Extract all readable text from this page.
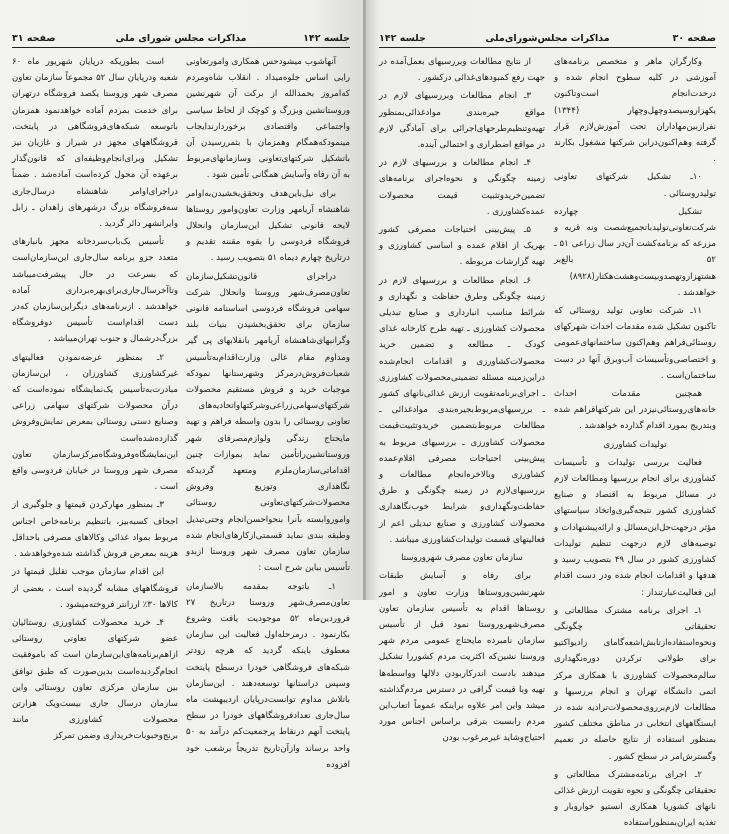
جلسه ۱۴۲
مذاکرات مجلس شورای ملی
صفحه ۳۱

آنهاشوب میشودحس همکاری وامورتعاونی رایی اساس جلوه‌میداد . انقلاب شاه‌ومردم که‌امروز بحمدالله از برکت آن شهرنشین وروستانشین وبزرگ و کوچک از لحاظ سیاسی واجتماعی واقتصادی برخوردارندایجاب مینمودکه‌همگام وهمزمان با بثمررسیدن آن باتشکیل شرکتهای‌تعاونی وسازمانهای‌مربوط به آن رفاه وآسایش همگانی تأمین شود .

برای نیل‌باین‌هدف وتحقق‌بخشیدن‌به‌اوامر شاهنشاه آریامهر وزارت تعاون‌وامور روستاها لایحه قانونی تشکیل این‌سازمان وانحلال فروشگاه فردوسی را بقوه مقننه تقدیم و درتاریخ چهارم دیماه ۵۱ بتصویب رسید .

دراجرای قانون‌تشکیل‌سازمان تعاون‌مصرف‌شهر وروستا وانحلال شرکت سهامی فروشگاه فردوسی اساسنامه قانونی سازمان برای تحقق‌بخشیدن بنیات بلند وگرانبهای‌شاهنشاه آریامهر بانقلابهای پی گیر ومداوم مقام عالی وزارت‌اقدام‌به‌تأسیس شعبات‌فروش‌درمرکز وشهرستانها نمودکه موجبات خرید و فروش مستقیم محصولات شرکتهای‌سهامی‌زراعی‌وشرکتها‌واتحادیه‌های تعاونی روستائی را بدون واسطه فراهم و تهیه مایحتاج زندگی ولوازم‌مصرفای شهر وروستانشین‌راتأمین نماید بموازات چنین اقداماتی‌سازمان‌ملزم ومتعهد گردیدکه نگاهداری وتوزیع وفروش محصولات‌شرکتهای‌تعاونی روستائی وامورو‌ابسته بآنرا بنحواحسن‌انجام وحتی‌تبدیل وطبقه بندی نماید قسمتی‌ازکارهای‌انجام شده سازمان تعاون مصرف شهر وروستا ازبدو تأسیس بباین شرح است :

۱ـ باتوجه بمقدمه بالاسازمان تعاون‌مصرف‌شهر وروستا درتاریخ ۲۷ فروردین‌ماه ۵۲ موجودیت یافت وشروع بکارنمود . درمرحله‌اول فعالیت این سازمان معطوف باینکه گردید که هرچه زودتر شبکه‌های فروشگاهی خودرا درسطح پایتخت وسپس دراستانها توسعه‌دهند . این‌سازمان باتلاش مداوم توانست‌درپایان اردیبهشت ماه سال‌جاری تعدادفروشگاههای خودرا در سطح پایتخت آنهم درنقاط پرجمعیت‌کم درآمد به ۵۰ واحد برساند وازآن‌تاریخ تدریجاً برشعب خود افزوده

است بطوریکه درپایان شهریور ماه ۶۰ شعبه ودرپایان سال ۵۲ مجموعاً سازمان تعاون مصرف شهر وروستا یکصد فروشگاه درتهران برای خدمت بمردم آماده خواهدنمود همزمان باتوسعه شبکه‌های‌فروشگاهی در پایتخت، فروشگاههای مجهز در شیراز و غازیان نیز تشکیل وبرای‌انجام‌وظیفه‌ای که قانون‌گذار برعهده آن محول کرده‌است آماده‌شد . ضمناً دراجرای‌اوامر شاهنشاه درسال‌جاری سه‌فروشگاه بزرگ درشهرهای زاهدان ـ زابل وایرانشهر دائر گردید .

تأسیس یک‌باب‌سردخانه مجهز بانبارهای متعدد جزو برنامه سال‌جاری این‌سازمان‌است که بسرعت در حال پیشرفت‌میباشد وتاآخرسال‌جاری‌برای‌بهره‌برداری آماده خواهدشد . ازبرنامه‌های دیگراین‌سازمان که‌در دست اقدام‌است تأسیس دوفروشگاه بزرگ‌درشمال و جنوب تهران‌میباشد .

۲ـ بمنظور عرضه‌نمودن فعالیتهای غیرکشاورزی کشاورزان ، این‌سازمان مبادرت‌به‌تأسیس یک‌نمایشگاه نموده‌است که درآن محصولات شرکتهای سهامی زراعی وصنایع دستی روستائی بمعرض نمایش‌وفروش گذارده‌شده‌است این‌نمایشگاه‌وفروشگاه‌مرکزسازمان تعاون مصرف شهر وروستا در خیابان فردوسی واقع است .

۳ـ بمنظور مهارکردن قیمتها و جلوگیری از اجحاف کسبه‌بیز، باتنظیم برنامه‌خاص اجناس مربوط بمواد غذائی وکالاهای مصرفی باحداقل هزینه بمعرض فروش گذاشته شده‌وخواهدشد .

این اقدام سازمان موجب تقلیل قیمتها در فروشگاههای مشابه گردیده است ، بعضی از کالاها ۳۰٪ ارزانتر فروخته‌میشود .

۴ـ خرید محصولات کشاورزی روستائیان عضو شرکتهای تعاونی روستائی ازاهم‌برنامه‌های‌این‌سازمان است که باموفقیت انجام‌گردیده‌است بدین‌صورت که طبق توافق بین سازمان مرکزی تعاون روستائی واین سازمان درسال جاری بیست‌ویک هزارتن محصولات کشاورزی مانند برنج‌وحبوبات‌خریداری وضمن تمرکز

صفحه ۳۰
مذاکرات مجلس‌شورای‌ملی
جلسه ۱۴۲

وکارگران ماهر و متخصص برنامه‌های آموزشی در کلیه سطوح انجام شده و درحدت‌انجام است‌وتاکنون یکهزاروسیصدوچهل‌وچهار (۱۳۴۴) نفرازبین‌مهاداران تحت آموزش‌لازم قرار گرفته وهم‌اکنون‌دراین شرکتها مشغول بکارند .

۱۰ـ تشکیل شرکتهای تعاونی تولیدروستائی .

تشکیل چهارده شرکت‌تعاونی‌تولیدباتجمیع‌شصت ونه قریه و مزرعه که برنامه‌کشت آن‌در سال زراعی ۵۱ ـ ۵۲ بالغ‌بر هشتهزاروتهصدوبیست‌وهشت‌هکتار(۸۹۲۸) خواهدشد .

۱۱ـ شرکت تعاونی تولید روستائی که تاکنون تشکیل شده مقدمات احداث شهرکهای روستائی‌فراهم وهم‌اکنون ساختمانهای‌عمومی و اختصاصی‌وتأسیسات آب‌وبرق آنها در دست ساختمان‌است .

همچنین مقدمات احداث خانه‌های‌روستائی‌نیزدر این شرکتهاقراهم شده وبتدریج بمورد اقدام گذارده خواهدشد .

تولیدات کشاورزی

فعالیت بررسی تولیدات و تأسیسات کشاورزی برای انجام بررسیها ومطالعات لازم در مسائل مربوط به اقتصاد و صنایع کشاورزی کشور نتیجه‌گیری‌واتخاذ سیاستهای مؤثر درجهت‌حل‌این‌مسائل و ارائه‌پیشنهادات و توصیه‌های لازم درجهت تنظیم تولیدات کشاورزی کشور در سال ۴۹ بتصویب رسید و هدفها و اقدامات انجام شده ودر دست اقدام این فعالیت‌عبارتنداز :

۱ـ اجرای برنامه مشترک مطالعاتی و تحقیقاتی چگونگی ونحوه‌استفاده‌ازتابش‌اشعه‌گامای رادیواکتیو برای طولانی ترکردن دوره‌نگهداری سالم‌محصولات کشاورزی با همکاری مرکز اتمی دانشگاه تهران و انجام بررسیها و مطالعات لازم‌برروی‌محصولات‌ترادیه شده در ایستگاههای انتخابی در مناطق مختلف کشور بمنظور استفاده از نتایج حاصله در تعمیم وگسترش‌امر در سطح کشور .

۲ـ اجرای برنامه‌مشترک مطالعاتی و تحقیقاتی چگونگی و نحوه تقویت ارزش غذائی نانهای کشوربا همکاری انستیو خواروبار و تغذیه ایران‌بمنظوراستفاده

از نتایج مطالعات وبررسیهای بعمل‌آمده در جهت رفع کمبودهای‌غذائی درکشور .

۳ـ انجام مطالعات وبررسیهای لازم در مواقع جیره‌بندی موادغذائی‌بمنظور تهیه‌وتنظیم‌طرحهای‌اجرائی برای آمادگی لازم در مواقع اضطراری و احتمالی آینده.

۴ـ انجام مطالعات و بررسیهای لازم در زمینه چگونگی و نحوه‌اجرای برنامه‌های تضمین‌خریدوتثبیت قیمت محصولات عمده‌کشاورزی .

۵ـ پیش‌بینی احتیاجات مصرفی کشور بهریک از اقلام عمده و اساسی کشاورزی و تهیه گزارشات مربوطه .

۶ـ انجام مطالعات و بررسیهای لازم در زمینه چگونگی وطرق حفاظت و نگهداری و شرائط مناسب انبارداری و صنایع تبدیلی محصولات کشاورزی ـ تهیه طرح کارخانه غذای کودک ـ مطالعه و تضمین خرید محصولات‌کشاورزی و اقدامات انجام‌شده دراین‌زمینه مسئله تضمینی‌محصولات کشاورزی ـ اجرای‌برنامه‌تقویت ارزش غذائی‌نانهای کشور ـ بررسیهای‌مربوط‌بجیره‌بندی موادغذائی ـ مطالعات مربوط‌بتضمین خریدوتثبیت‌قیمت محصولات کشاورزی ـ بررسیهای مربوط به پیش‌بینی احتیاجات مصرفی اقلام‌عمده کشاورزی وبالاخره‌انجام مطالعات و بررسیهای‌لازم در زمینه چگونگی و طرق حفاظت‌ونگهداری‌و شرایط خوب‌نگاهداری محصولات کشاورزی و صنایع تبدیلی اعم از فعالیتهای قسمت تولیدات‌کشاورزی میباشد .

سازمان تعاون مصرف شهروروستا

برای رفاه و آسایش طبقات شهرنشین‌وروستاها وزارت تعاون و امور روستاها اقدام به تأسیس سازمان تعاون مصرف‌شهروروستا نمود قبل از تأسیس سازمان نامبرده مایحتاج عمومی مردم شهر وروستا نشین‌که اکثریت مردم کشوررا تشکیل میدهند بادست اندرکاربودن دلالها وواسطه‌ها تهیه وبا قیمت گرافی در دسترس مردم‌گذاشته میشد واین امر علاوه براینکه عموماً اتعاب‌این مردم رابسبت بترقی براساس اجناس مورد احتیاج‌وشاید غیرمرغوب بودن
